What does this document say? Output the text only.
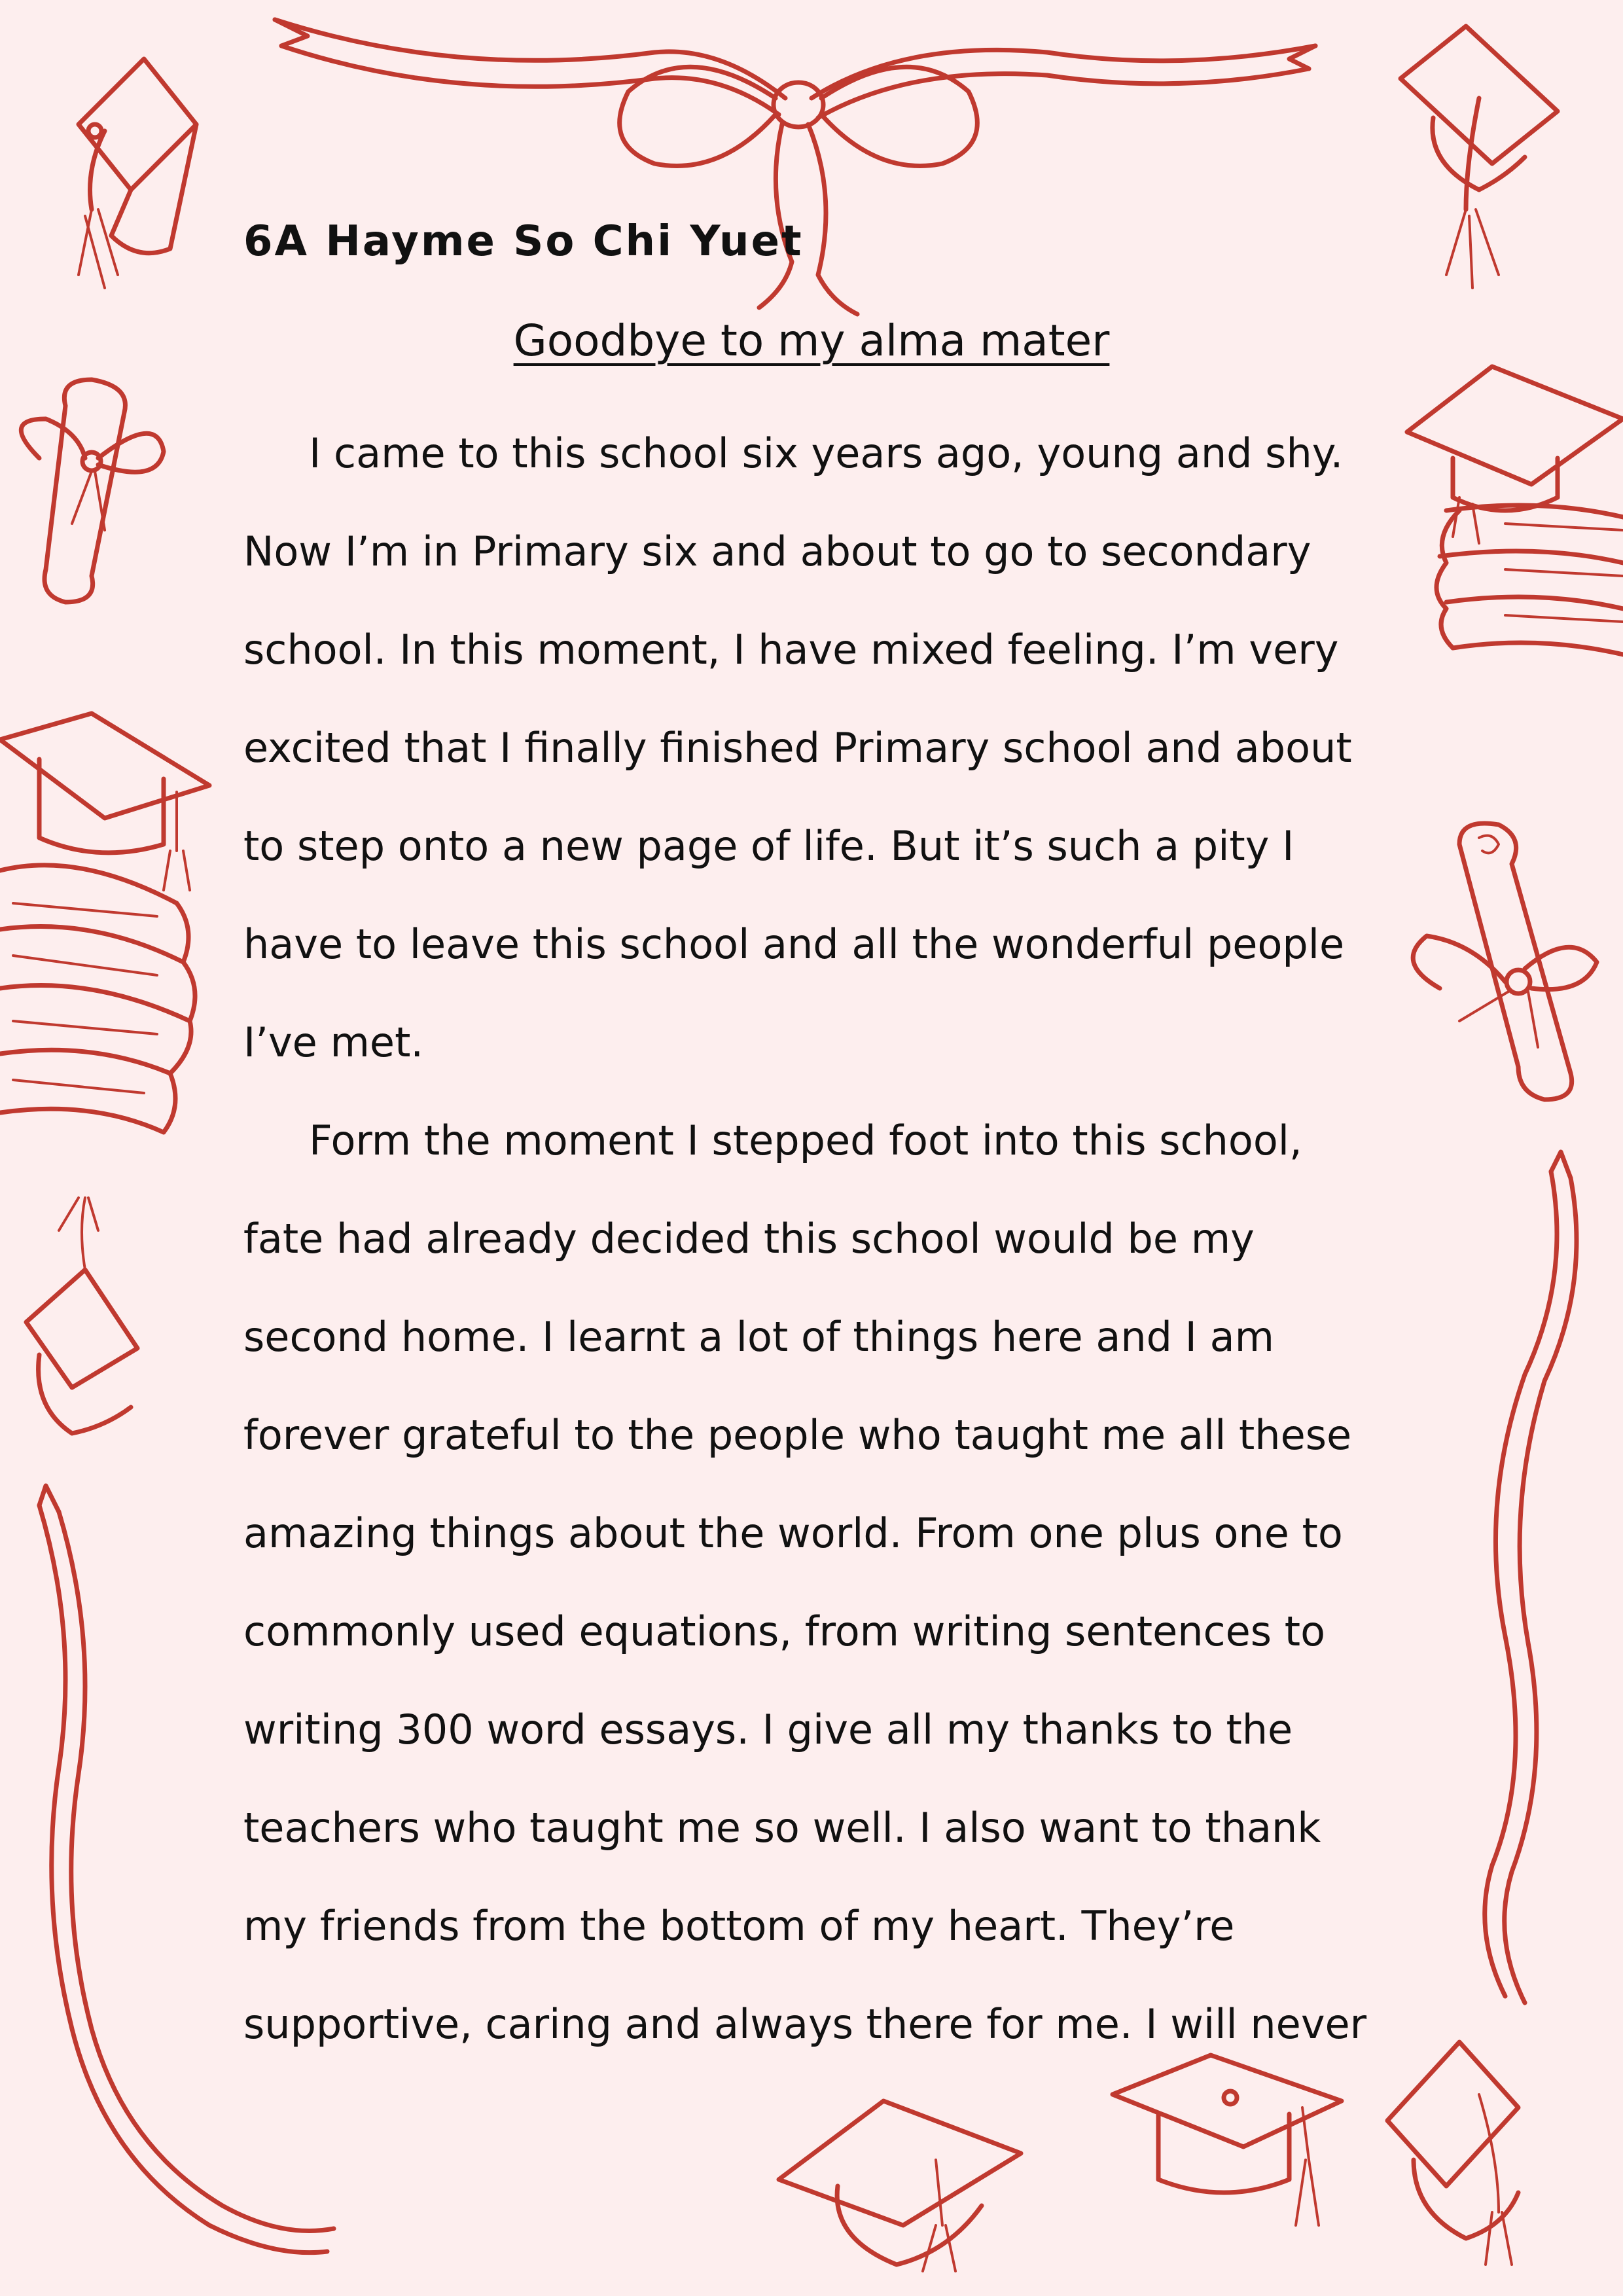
6A Hayme So Chi Yuet
Goodbye to my alma mater
I came to this school six years ago, young and shy.
Now I’m in Primary six and about to go to secondary
school. In this moment, I have mixed feeling. I’m very
excited that I finally finished Primary school and about
to step onto a new page of life. But it’s such a pity I
have to leave this school and all the wonderful people
I’ve met.
Form the moment I stepped foot into this school,
fate had already decided this school would be my
second home. I learnt a lot of things here and I am
forever grateful to the people who taught me all these
amazing things about the world. From one plus one to
commonly used equations, from writing sentences to
writing 300 word essays. I give all my thanks to the
teachers who taught me so well. I also want to thank
my friends from the bottom of my heart. They’re
supportive, caring and always there for me. I will never
